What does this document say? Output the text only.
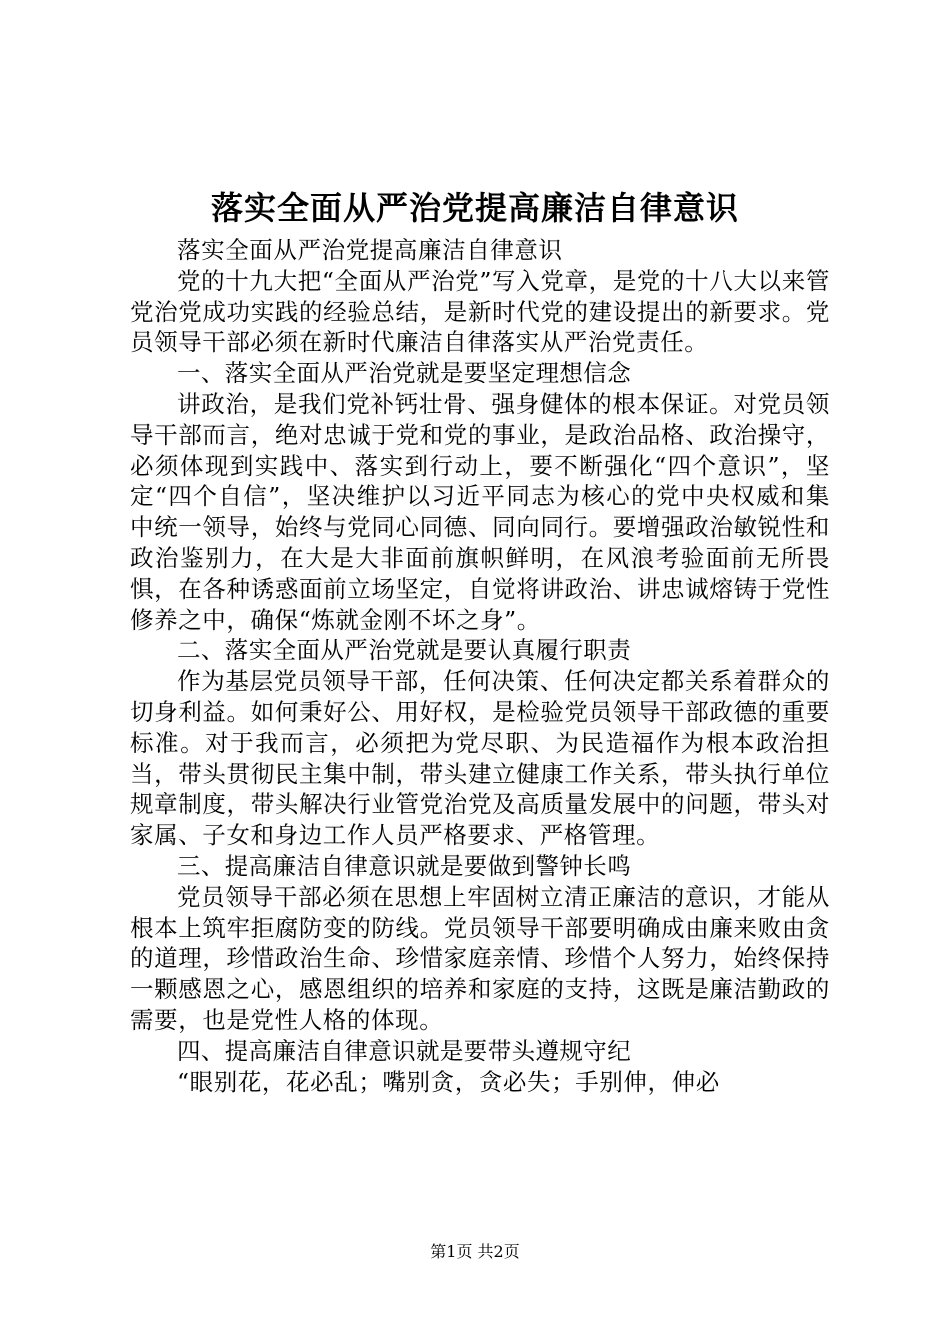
落实全面从严治党提高廉洁自律意识

落实全面从严治党提高廉洁自律意识

党的十九大把“全面从严治党”写入党章，是党的十八大以来管党治党成功实践的经验总结，是新时代党的建设提出的新要求。党员领导干部必须在新时代廉洁自律落实从严治党责任。

一、落实全面从严治党就是要坚定理想信念

讲政治，是我们党补钙壮骨、强身健体的根本保证。对党员领导干部而言，绝对忠诚于党和党的事业，是政治品格、政治操守，必须体现到实践中、落实到行动上，要不断强化“四个意识”，坚定“四个自信”，坚决维护以习近平同志为核心的党中央权威和集中统一领导，始终与党同心同德、同向同行。要增强政治敏锐性和政治鉴别力，在大是大非面前旗帜鲜明，在风浪考验面前无所畏惧，在各种诱惑面前立场坚定，自觉将讲政治、讲忠诚熔铸于党性修养之中，确保“炼就金刚不坏之身”。

二、落实全面从严治党就是要认真履行职责

作为基层党员领导干部，任何决策、任何决定都关系着群众的切身利益。如何秉好公、用好权，是检验党员领导干部政德的重要标准。对于我而言，必须把为党尽职、为民造福作为根本政治担当，带头贯彻民主集中制，带头建立健康工作关系，带头执行单位规章制度，带头解决行业管党治党及高质量发展中的问题，带头对家属、子女和身边工作人员严格要求、严格管理。

三、提高廉洁自律意识就是要做到警钟长鸣

党员领导干部必须在思想上牢固树立清正廉洁的意识，才能从根本上筑牢拒腐防变的防线。党员领导干部要明确成由廉来败由贪的道理，珍惜政治生命、珍惜家庭亲情、珍惜个人努力，始终保持一颗感恩之心，感恩组织的培养和家庭的支持，这既是廉洁勤政的需要，也是党性人格的体现。

四、提高廉洁自律意识就是要带头遵规守纪

“眼别花，花必乱；嘴别贪，贪必失；手别伸，伸必

第1页 共2页
